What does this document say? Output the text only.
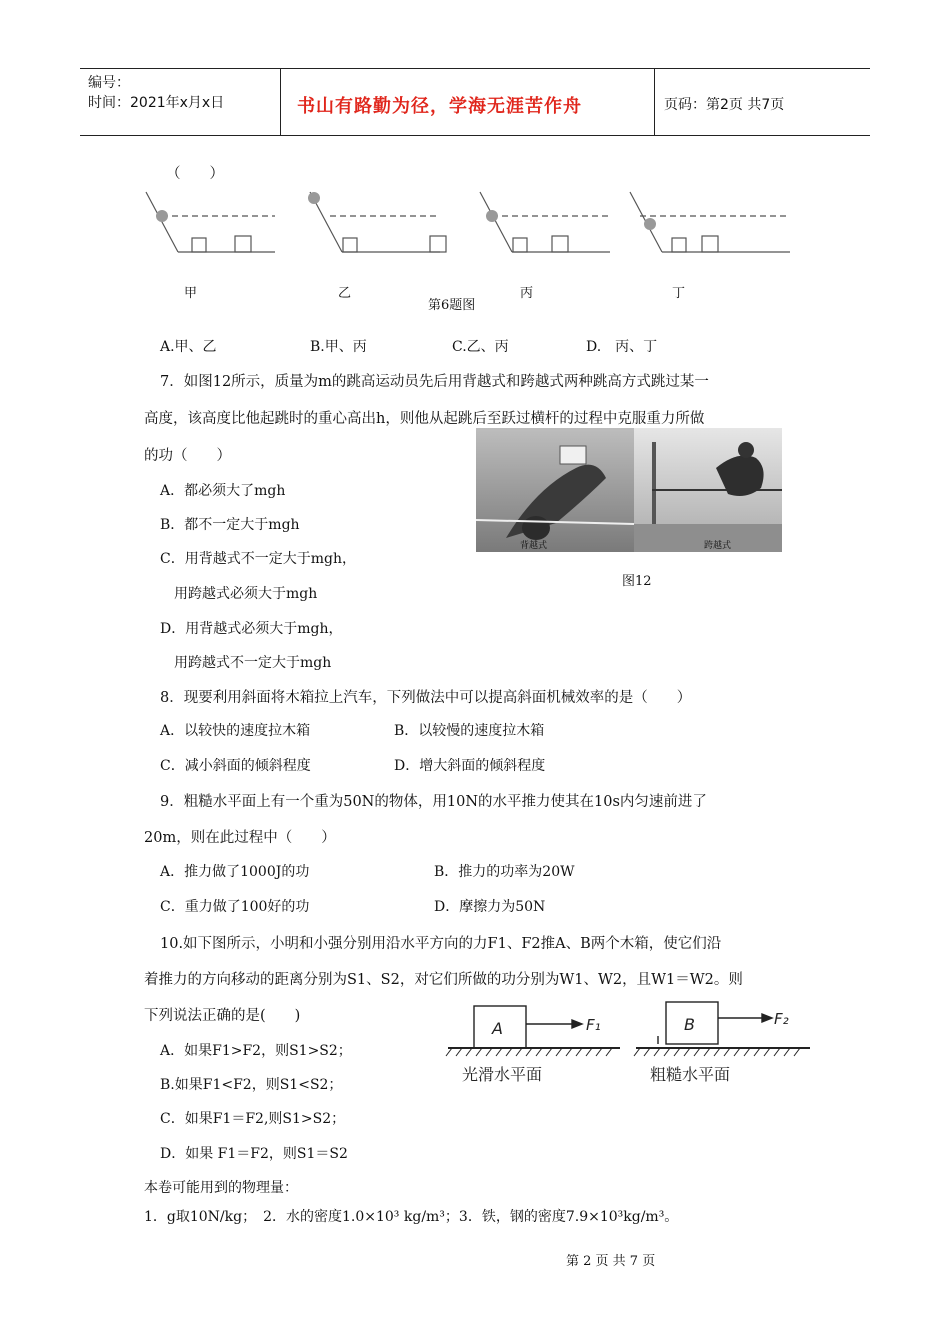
编号：
时间：2021年x月x日	书山有路勤为径，学海无涯苦作舟	页码：第2页 共7页
（　　）
甲	乙	丙	丁
第6题图
A.甲、乙	B.甲、丙	C.乙、丙	D.　丙、丁
7．如图12所示，质量为m的跳高运动员先后用背越式和跨越式两种跳高方式跳过某一
高度，该高度比他起跳时的重心高出h，则他从起跳后至跃过横杆的过程中克服重力所做
的功（　　）
A．都必须大了mgh
B．都不一定大于mgh
C．用背越式不一定大于mgh，
用跨越式必须大于mgh
D．用背越式必须大于mgh，
用跨越式不一定大于mgh
背越式	跨越式
图12
8．现要利用斜面将木箱拉上汽车，下列做法中可以提高斜面机械效率的是（　　）
A．以较快的速度拉木箱	B．以较慢的速度拉木箱
C．减小斜面的倾斜程度	D．增大斜面的倾斜程度
9．粗糙水平面上有一个重为50N的物体，用10N的水平推力使其在10s内匀速前进了
20m，则在此过程中（　　）
A．推力做了1000J的功	B．推力的功率为20W
C．重力做了100好的功	D．摩擦力为50N
10.如下图所示，小明和小强分别用沿水平方向的力F1、F2推A、B两个木箱，使它们沿
着推力的方向移动的距离分别为S1、S2，对它们所做的功分别为W1、W2，且W1＝W2。则
下列说法正确的是(　　)
A．如果F1>F2，则S1>S2；
B.如果F1<F2，则S1<S2；
C．如果F1＝F2,则S1>S2；
D．如果 F1＝F2，则S1＝S2
A	F₁
光滑水平面
B	F₂
粗糙水平面
本卷可能用到的物理量：
1．g取10N/kg；　2．水的密度1.0×10³ kg/m³；3．铁，钢的密度7.9×10³kg/m³。
第 2 页 共 7 页
